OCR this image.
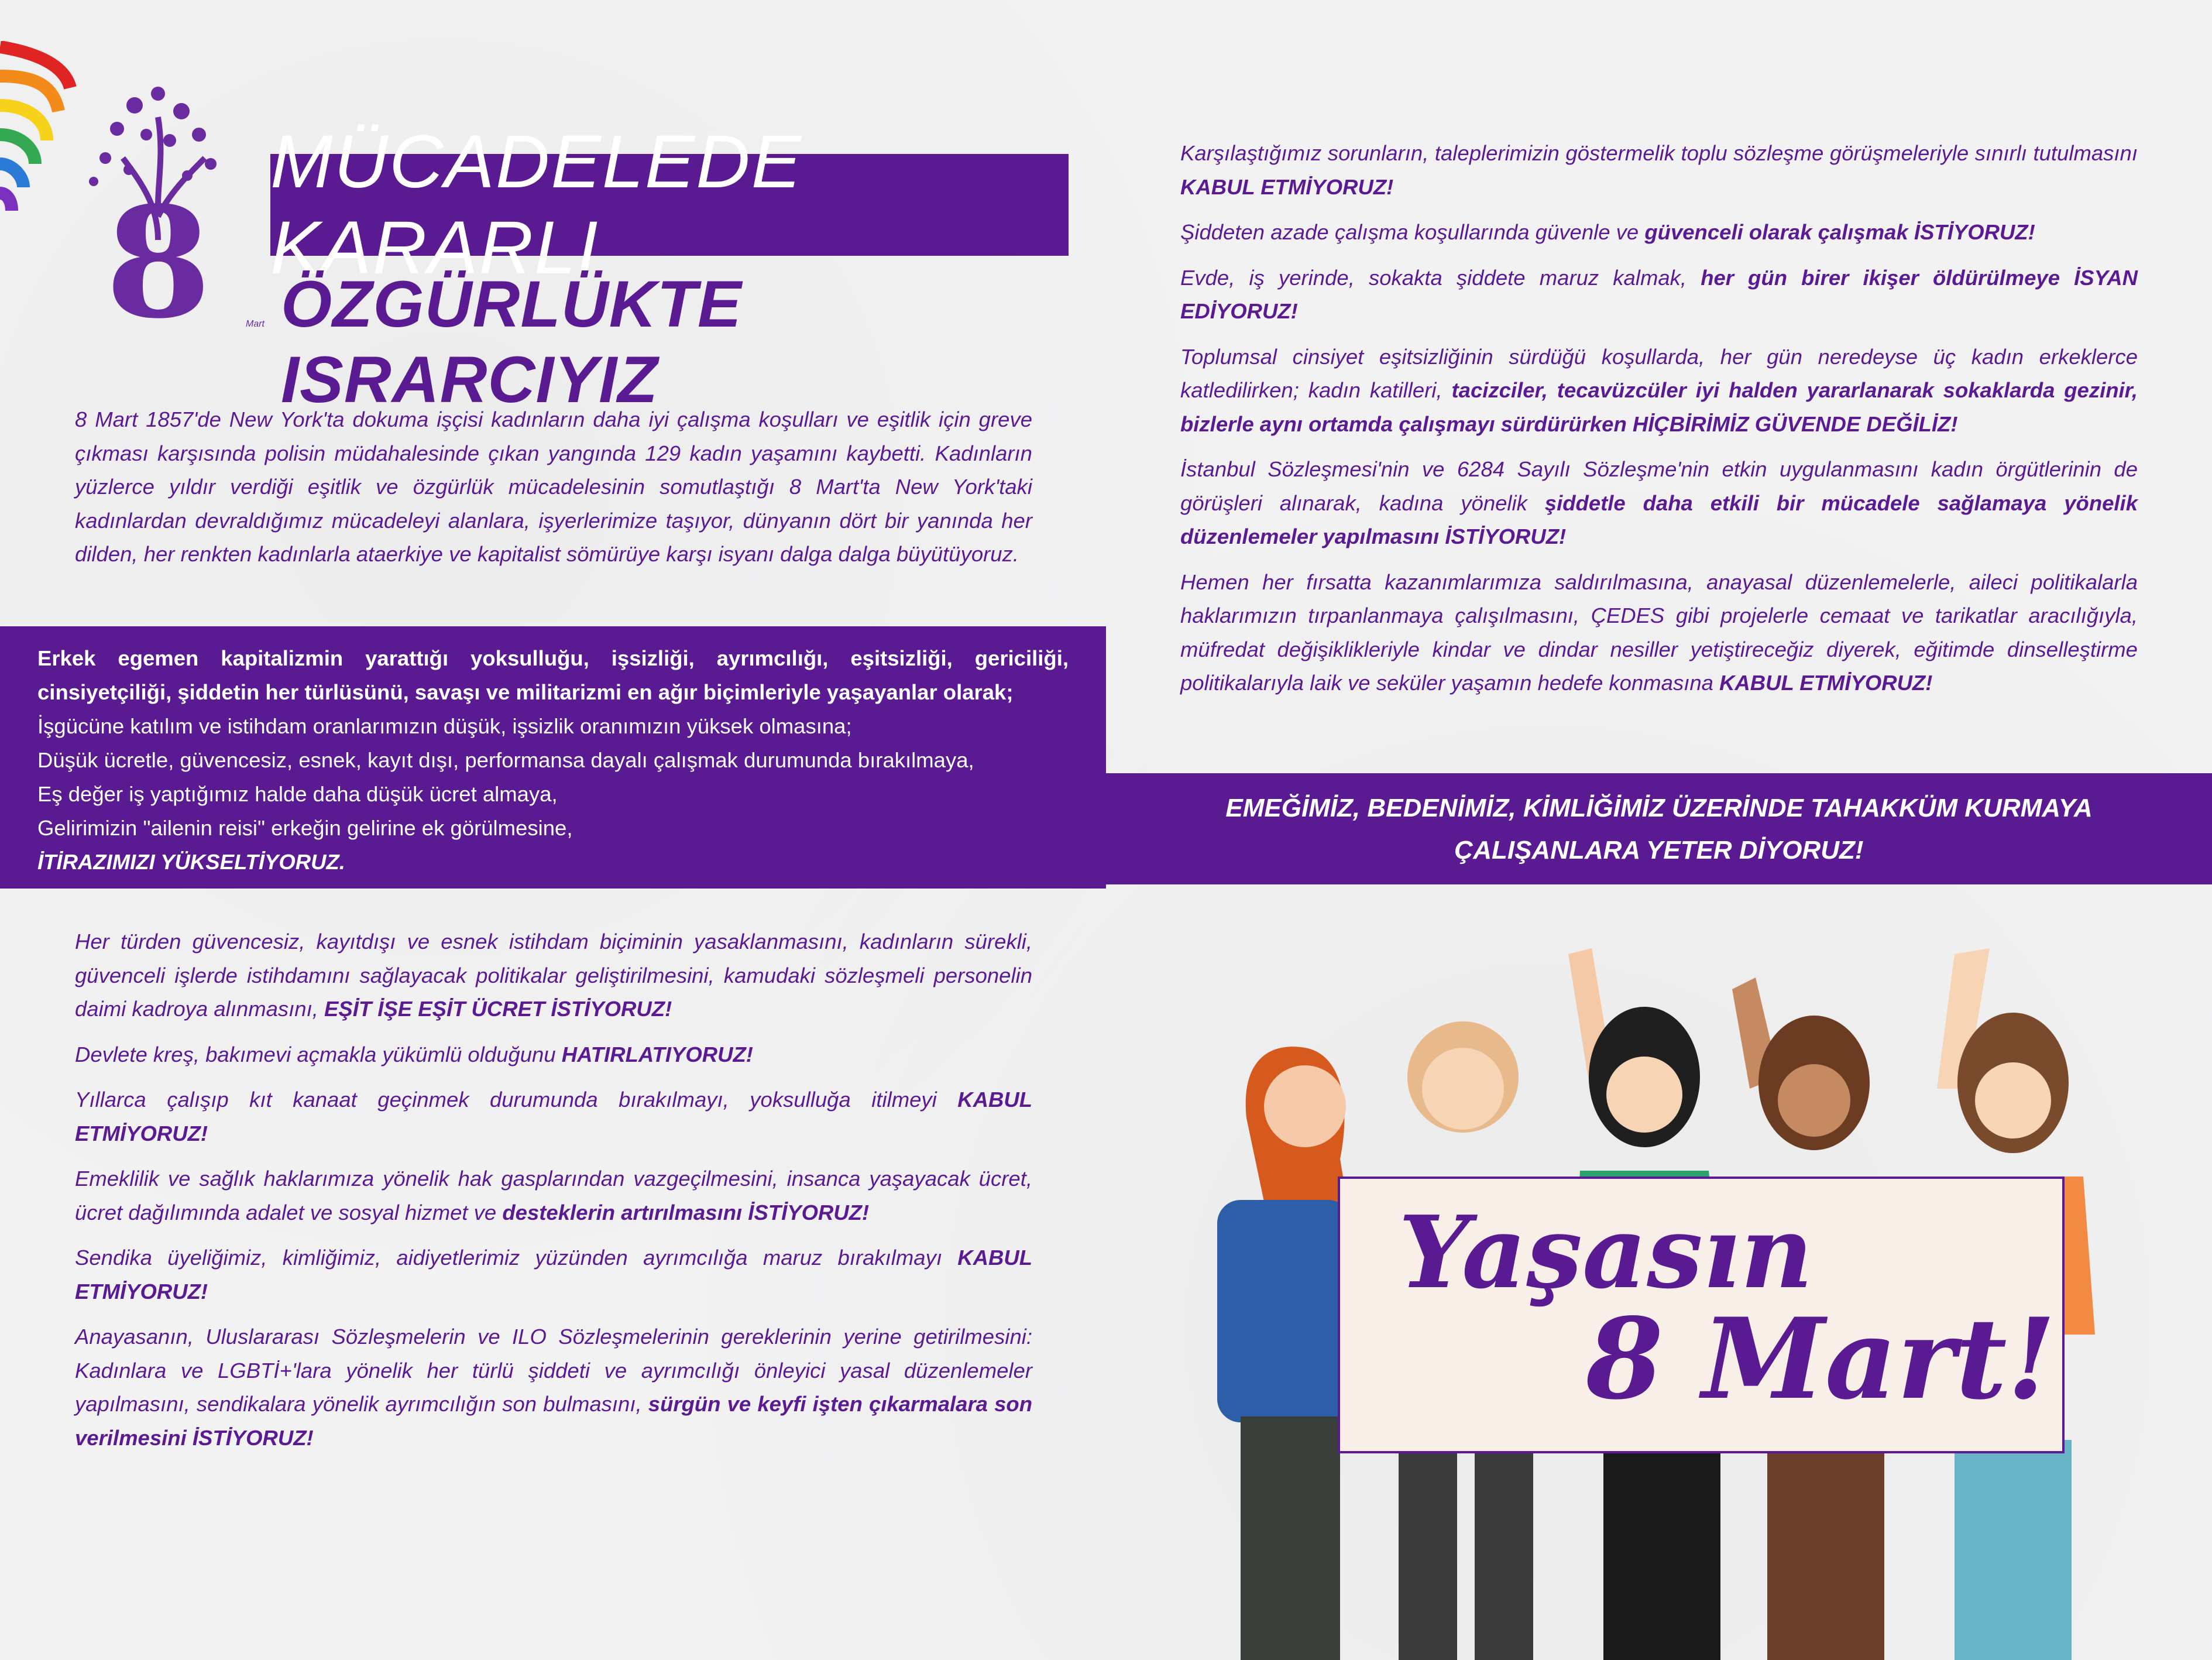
8	Mart
MÜCADELEDE KARARLI
ÖZGÜRLÜKTE ISRARCIYIZ
8 Mart 1857'de New York'ta dokuma işçisi kadınların daha iyi çalışma koşulları ve eşitlik için greve çıkması karşısında polisin müdahalesinde çıkan yangında 129 kadın yaşamını kaybetti. Kadınların yüzlerce yıldır verdiği eşitlik ve özgürlük mücadelesinin somutlaştığı 8 Mart'ta New York'taki kadınlardan devraldığımız mücadeleyi alanlara, işyerlerimize taşıyor, dünyanın dört bir yanında her dilden, her renkten kadınlarla ataerkiye ve kapitalist sömürüye karşı isyanı dalga dalga büyütüyoruz.

Erkek egemen kapitalizmin yarattığı yoksulluğu, işsizliği, ayrımcılığı, eşitsizliği, gericiliği, cinsiyetçiliği, şiddetin her türlüsünü, savaşı ve militarizmi en ağır biçimleriyle yaşayanlar olarak;

İşgücüne katılım ve istihdam oranlarımızın düşük, işsizlik oranımızın yüksek olmasına;

Düşük ücretle, güvencesiz, esnek, kayıt dışı, performansa dayalı çalışmak durumunda bırakılmaya,

Eş değer iş yaptığımız halde daha düşük ücret almaya,

Gelirimizin "ailenin reisi" erkeğin gelirine ek görülmesine,

İTİRAZIMIZI YÜKSELTİYORUZ.

Her türden güvencesiz, kayıtdışı ve esnek istihdam biçiminin yasaklanmasını, kadınların sürekli, güvenceli işlerde istihdamını sağlayacak politikalar geliştirilmesini, kamudaki sözleşmeli personelin daimi kadroya alınmasını, EŞİT İŞE EŞİT ÜCRET İSTİYORUZ!

Devlete kreş, bakımevi açmakla yükümlü olduğunu HATIRLATIYORUZ!

Yıllarca çalışıp kıt kanaat geçinmek durumunda bırakılmayı, yoksulluğa itilmeyi KABUL ETMİYORUZ!

Emeklilik ve sağlık haklarımıza yönelik hak gasplarından vazgeçilmesini, insanca yaşayacak ücret, ücret dağılımında adalet ve sosyal hizmet ve desteklerin artırılmasını İSTİYORUZ!

Sendika üyeliğimiz, kimliğimiz, aidiyetlerimiz yüzünden ayrımcılığa maruz bırakılmayı KABUL ETMİYORUZ!

Anayasanın, Uluslararası Sözleşmelerin ve ILO Sözleşmelerinin gereklerinin yerine getirilmesini: Kadınlara ve LGBTİ+'lara yönelik her türlü şiddeti ve ayrımcılığı önleyici yasal düzenlemeler yapılmasını, sendikalara yönelik ayrımcılığın son bulmasını, sürgün ve keyfi işten çıkarmalara son verilmesini İSTİYORUZ!

Karşılaştığımız sorunların, taleplerimizin göstermelik toplu sözleşme görüşmeleriyle sınırlı tutulmasını KABUL ETMİYORUZ!

Şiddeten azade çalışma koşullarında güvenle ve güvenceli olarak çalışmak İSTİYORUZ!

Evde, iş yerinde, sokakta şiddete maruz kalmak, her gün birer ikişer öldürülmeye İSYAN EDİYORUZ!

Toplumsal cinsiyet eşitsizliğinin sürdüğü koşullarda, her gün neredeyse üç kadın erkeklerce katledilirken; kadın katilleri, tacizciler, tecavüzcüler iyi halden yararlanarak sokaklarda gezinir, bizlerle aynı ortamda çalışmayı sürdürürken HİÇBİRİMİZ GÜVENDE DEĞİLİZ!

İstanbul Sözleşmesi'nin ve 6284 Sayılı Sözleşme'nin etkin uygulanmasını kadın örgütlerinin de görüşleri alınarak, kadına yönelik şiddetle daha etkili bir mücadele sağlamaya yönelik düzenlemeler yapılmasını İSTİYORUZ!

Hemen her fırsatta kazanımlarımıza saldırılmasına, anayasal düzenlemelerle, aileci politikalarla haklarımızın tırpanlanmaya çalışılmasını, ÇEDES gibi projelerle cemaat ve tarikatlar aracılığıyla, müfredat değişiklikleriyle kindar ve dindar nesiller yetiştireceğiz diyerek, eğitimde dinselleştirme politikalarıyla laik ve seküler yaşamın hedefe konmasına KABUL ETMİYORUZ!

EMEĞİMİZ, BEDENİMİZ, KİMLİĞİMİZ ÜZERİNDE TAHAKKÜM KURMAYA

ÇALIŞANLARA YETER DİYORUZ!

Yaşasın
8 Mart!
